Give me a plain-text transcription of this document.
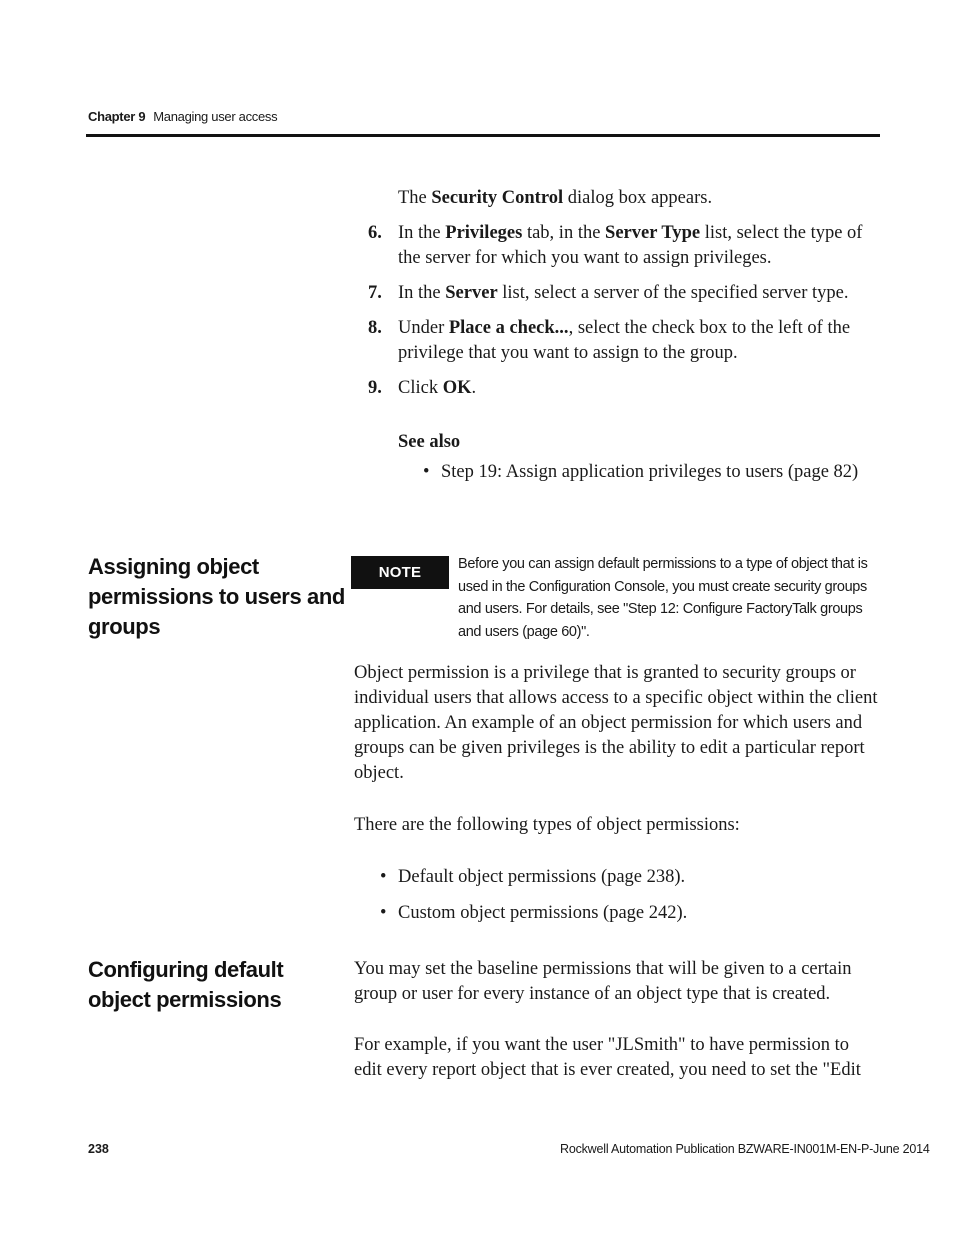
Chapter 9 Managing user access
The Security Control dialog box appears.
6. In the Privileges tab, in the Server Type list, select the type of the server for which you want to assign privileges.
7. In the Server list, select a server of the specified server type.
8. Under Place a check..., select the check box to the left of the privilege that you want to assign to the group.
9. Click OK.
See also
• Step 19: Assign application privileges to users (page 82)
Assigning object permissions to users and groups
NOTE	Before you can assign default permissions to a type of object that is used in the Configuration Console, you must create security groups and users. For details, see "Step 12: Configure FactoryTalk groups and users (page 60)".
Object permission is a privilege that is granted to security groups or individual users that allows access to a specific object within the client application. An example of an object permission for which users and groups can be given privileges is the ability to edit a particular report object.
There are the following types of object permissions:
• Default object permissions (page 238).
• Custom object permissions (page 242).
Configuring default object permissions
You may set the baseline permissions that will be given to a certain group or user for every instance of an object type that is created.
For example, if you want the user "JLSmith" to have permission to edit every report object that is ever created, you need to set the "Edit
238	Rockwell Automation Publication BZWARE-IN001M-EN-P-June 2014
